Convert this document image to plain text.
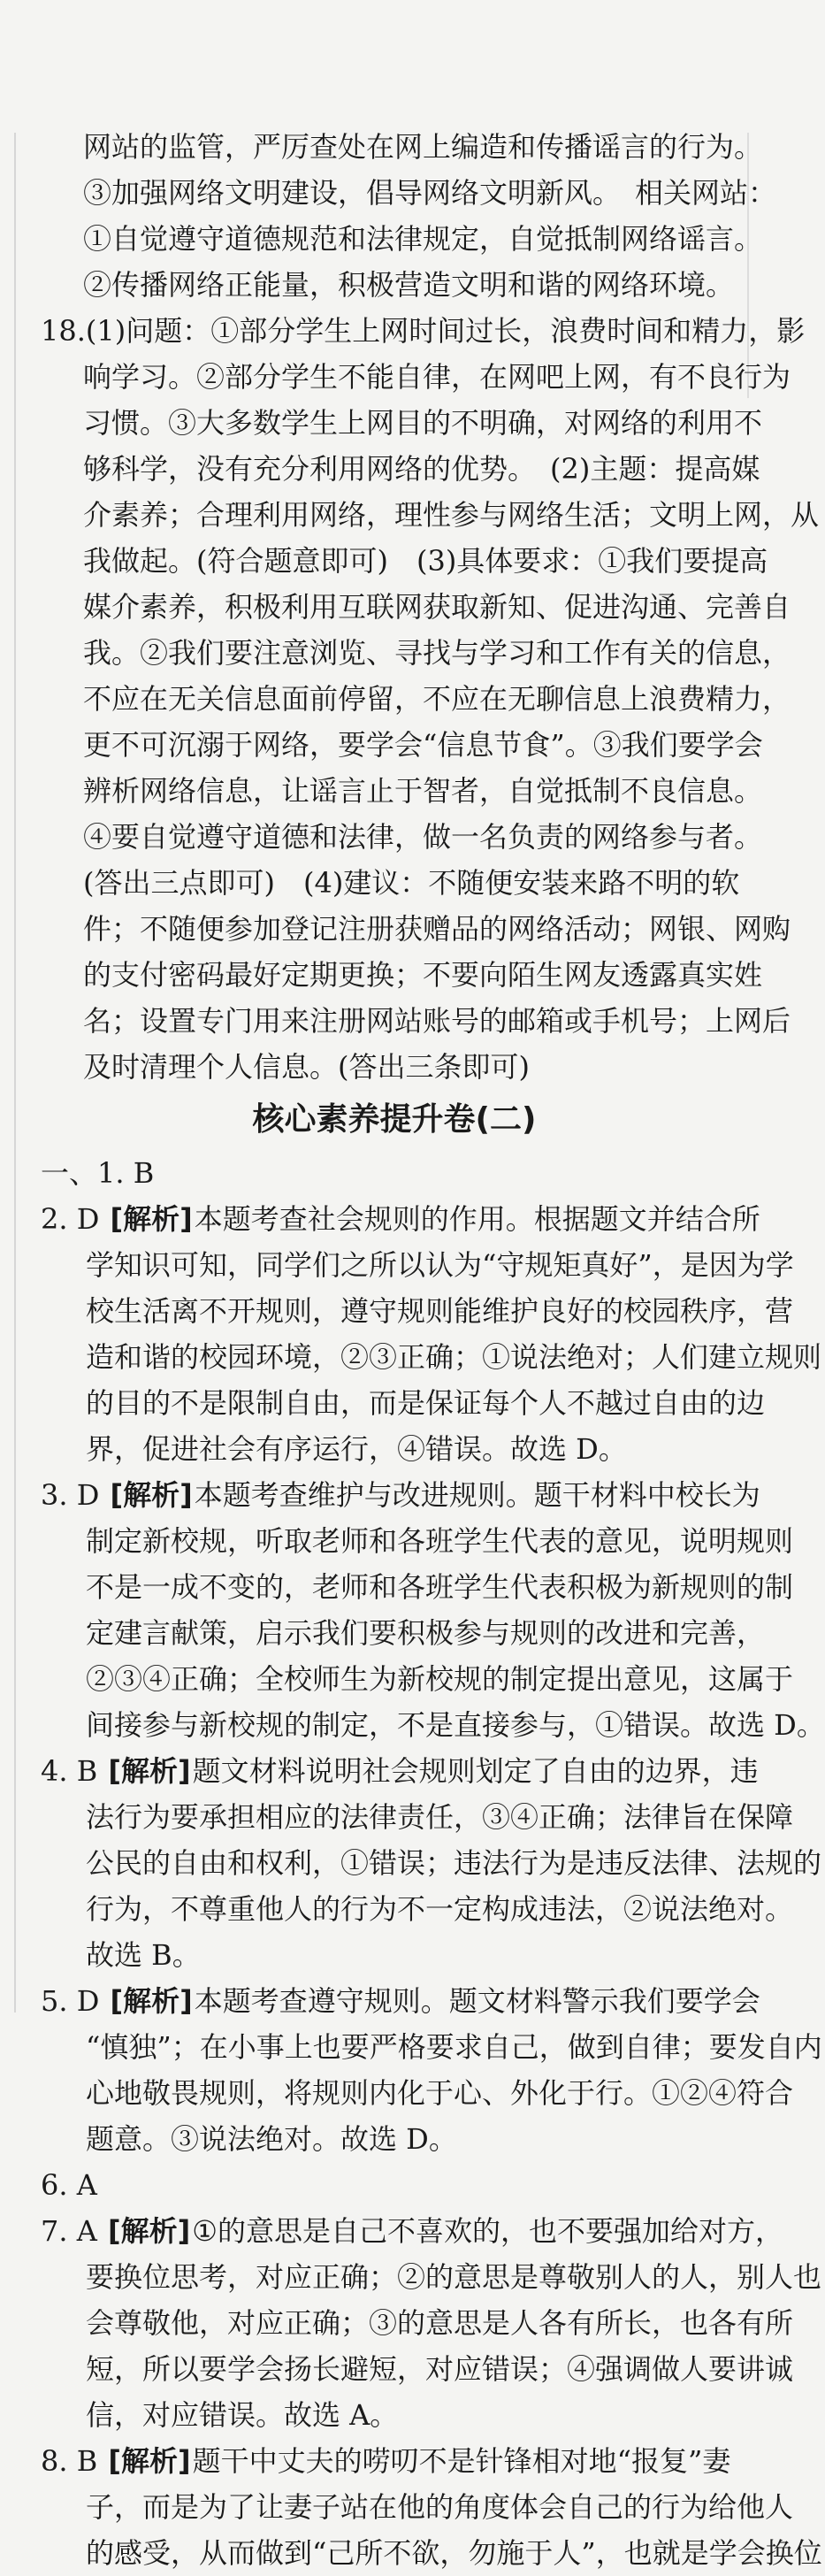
网站的监管，严厉查处在网上编造和传播谣言的行为。
③加强网络文明建设，倡导网络文明新风。　相关网站：
①自觉遵守道德规范和法律规定，自觉抵制网络谣言。
②传播网络正能量，积极营造文明和谐的网络环境。
18.(1)问题：①部分学生上网时间过长，浪费时间和精力，影
响学习。②部分学生不能自律，在网吧上网，有不良行为
习惯。③大多数学生上网目的不明确，对网络的利用不
够科学，没有充分利用网络的优势。　(2)主题：提高媒
介素养；合理利用网络，理性参与网络生活；文明上网，从
我做起。(符合题意即可)　(3)具体要求：①我们要提高
媒介素养，积极利用互联网获取新知、促进沟通、完善自
我。②我们要注意浏览、寻找与学习和工作有关的信息，
不应在无关信息面前停留，不应在无聊信息上浪费精力，
更不可沉溺于网络，要学会“信息节食”。③我们要学会
辨析网络信息，让谣言止于智者，自觉抵制不良信息。
④要自觉遵守道德和法律，做一名负责的网络参与者。
(答出三点即可)　(4)建议：不随便安装来路不明的软
件；不随便参加登记注册获赠品的网络活动；网银、网购
的支付密码最好定期更换；不要向陌生网友透露真实姓
名；设置专门用来注册网站账号的邮箱或手机号；上网后
及时清理个人信息。(答出三条即可)
核心素养提升卷(二)
一、1. B
2. D [解析]本题考查社会规则的作用。根据题文并结合所
学知识可知，同学们之所以认为“守规矩真好”，是因为学
校生活离不开规则，遵守规则能维护良好的校园秩序，营
造和谐的校园环境，②③正确；①说法绝对；人们建立规则
的目的不是限制自由，而是保证每个人不越过自由的边
界，促进社会有序运行，④错误。故选 D。
3. D [解析]本题考查维护与改进规则。题干材料中校长为
制定新校规，听取老师和各班学生代表的意见，说明规则
不是一成不变的，老师和各班学生代表积极为新规则的制
定建言献策，启示我们要积极参与规则的改进和完善，
②③④正确；全校师生为新校规的制定提出意见，这属于
间接参与新校规的制定，不是直接参与，①错误。故选 D。
4. B [解析]题文材料说明社会规则划定了自由的边界，违
法行为要承担相应的法律责任，③④正确；法律旨在保障
公民的自由和权利，①错误；违法行为是违反法律、法规的
行为，不尊重他人的行为不一定构成违法，②说法绝对。
故选 B。
5. D [解析]本题考查遵守规则。题文材料警示我们要学会
“慎独”；在小事上也要严格要求自己，做到自律；要发自内
心地敬畏规则，将规则内化于心、外化于行。①②④符合
题意。③说法绝对。故选 D。
6. A
7. A [解析]①的意思是自己不喜欢的，也不要强加给对方，
要换位思考，对应正确；②的意思是尊敬别人的人，别人也
会尊敬他，对应正确；③的意思是人各有所长，也各有所
短，所以要学会扬长避短，对应错误；④强调做人要讲诚
信，对应错误。故选 A。
8. B [解析]题干中丈夫的唠叨不是针锋相对地“报复”妻
子，而是为了让妻子站在他的角度体会自己的行为给他人
的感受，从而做到“己所不欲，勿施于人”，也就是学会换位
